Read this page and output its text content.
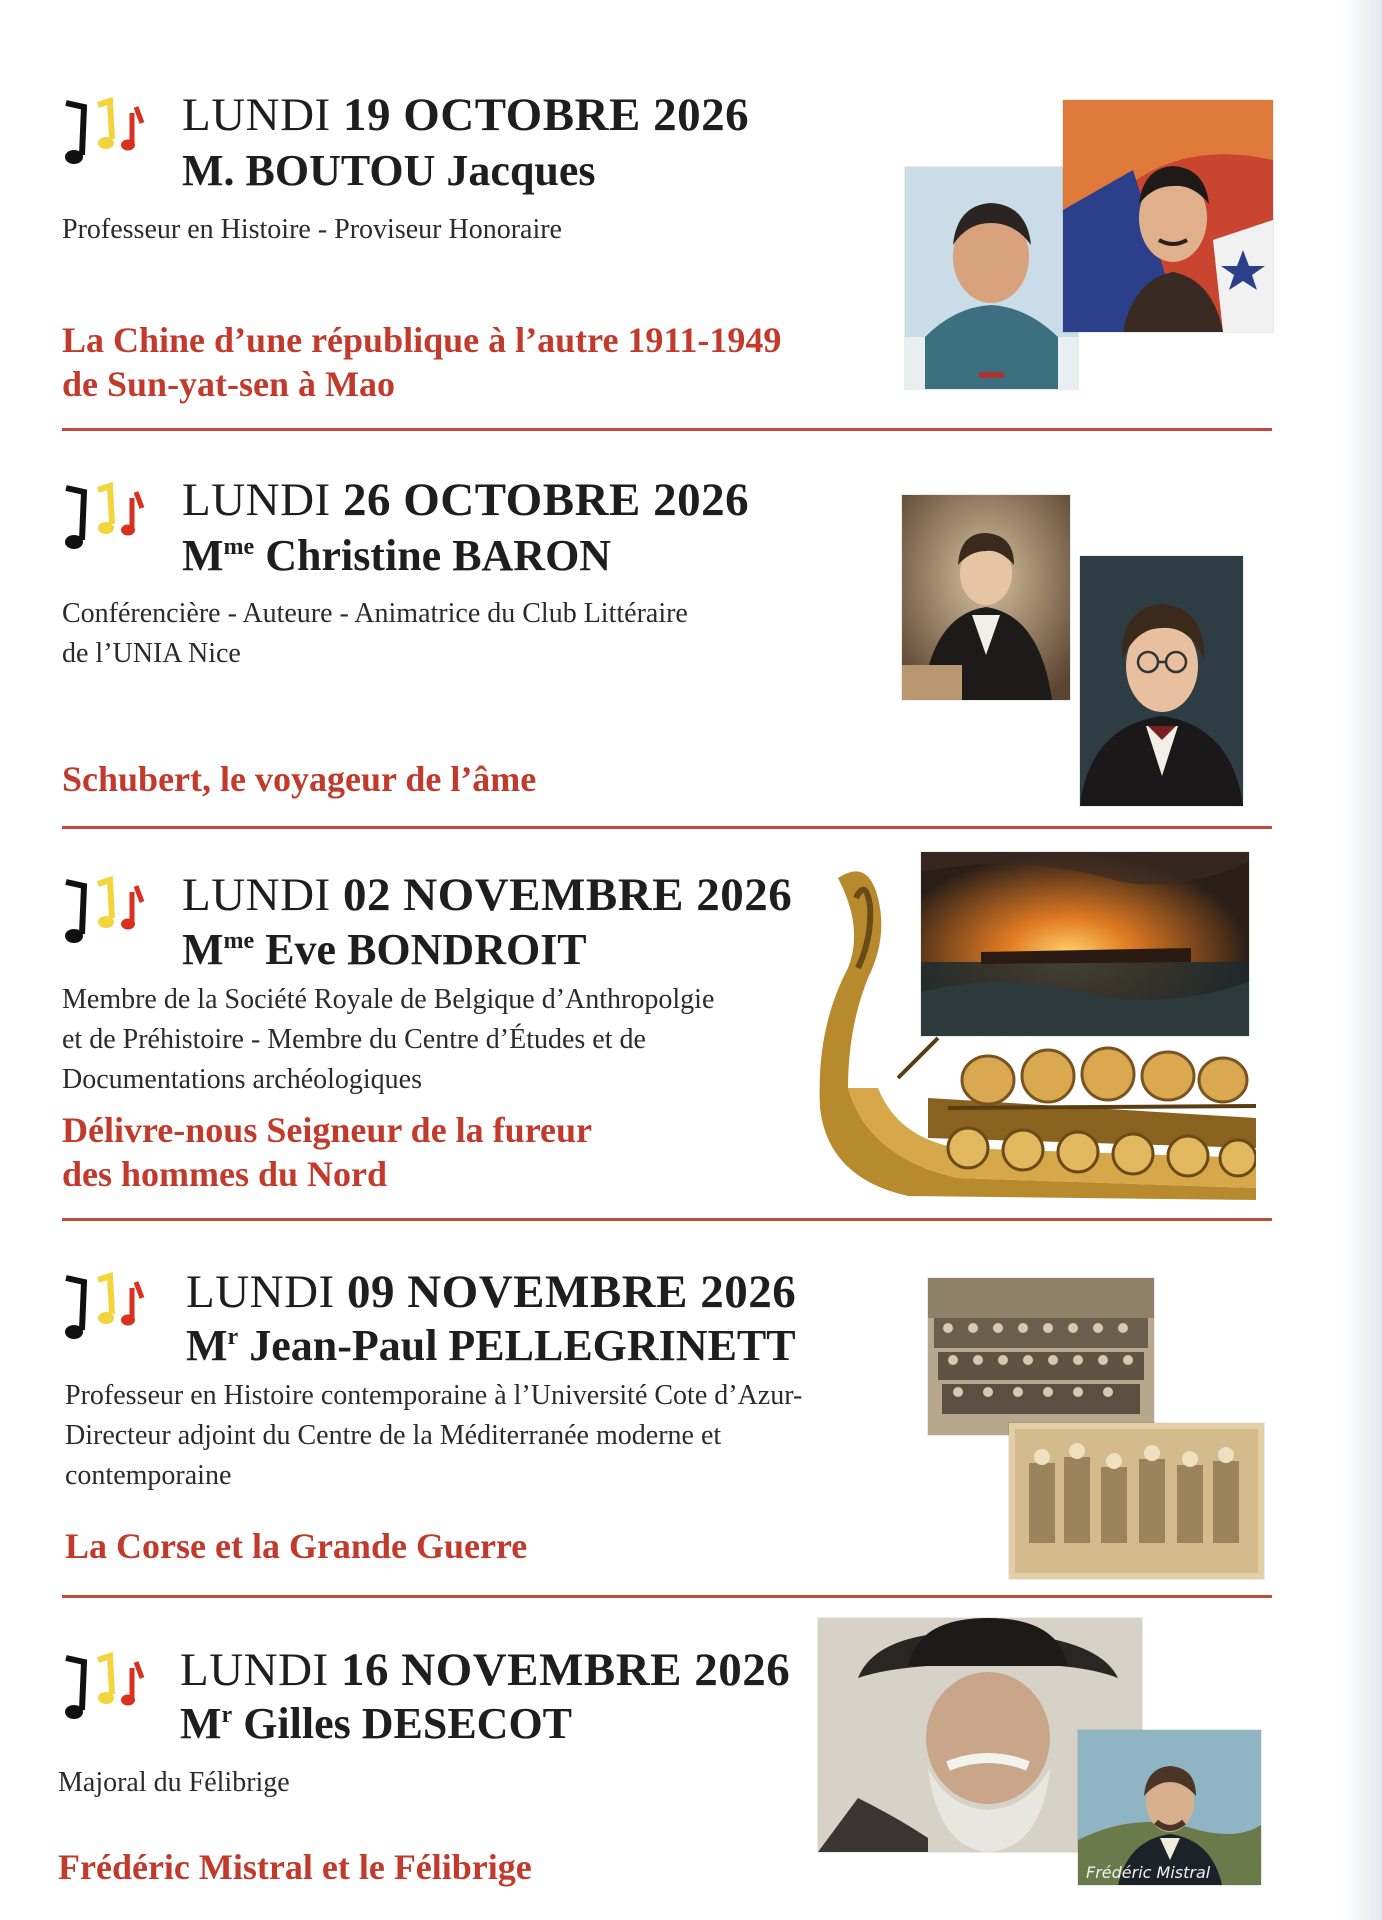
LUNDI 19 OCTOBRE 2026
M. BOUTOU Jacques
Professeur en Histoire - Proviseur Honoraire
La Chine d’une république à l’autre 1911-1949
de Sun-yat-sen à Mao
LUNDI 26 OCTOBRE 2026
$M^{me}$ Christine BARON
Conférencière - Auteure - Animatrice du Club Littéraire
de l’UNIA Nice
Schubert, le voyageur de l’âme
LUNDI 02 NOVEMBRE 2026
$M^{me}$ Eve BONDROIT
Membre de la Société Royale de Belgique d’Anthropolgie
et de Préhistoire - Membre du Centre d’Études et de
Documentations archéologiques
Délivre-nous Seigneur de la fureur
des hommes du Nord
LUNDI 09 NOVEMBRE 2026
$M^r$ Jean-Paul PELLEGRINETT
Professeur en Histoire contemporaine à l’Université Cote d’Azur-
Directeur adjoint du Centre de la Méditerranée moderne et
contemporaine
La Corse et la Grande Guerre
LUNDI 16 NOVEMBRE 2026
$M^r$ Gilles DESECOT
Majoral du Félibrige
Frédéric Mistral et le Félibrige	Frédéric Mistral
